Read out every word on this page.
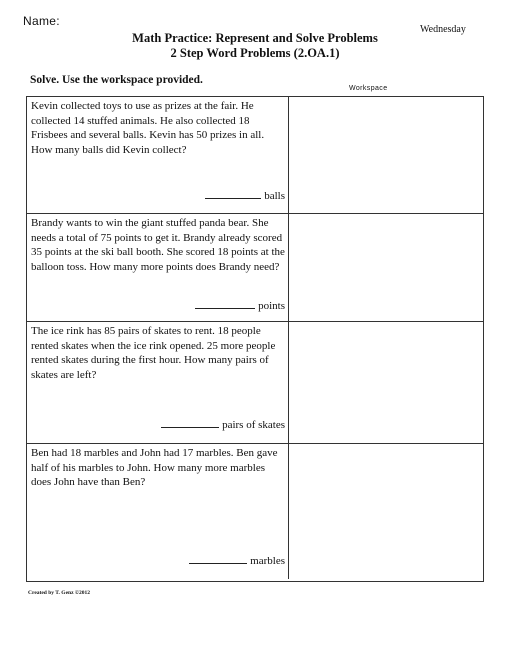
Name:
Wednesday
Math Practice: Represent and Solve Problems
2 Step Word Problems (2.OA.1)
Solve. Use the workspace provided.
Workspace
Kevin collected toys to use as prizes at the fair. He collected 14 stuffed animals. He also collected 18 Frisbees and several balls. Kevin has 50 prizes in all. How many balls did Kevin collect?
balls
Brandy wants to win the giant stuffed panda bear. She needs a total of 75 points to get it. Brandy already scored 35 points at the ski ball booth. She scored 18 points at the balloon toss. How many more points does Brandy need?
points
The ice rink has 85 pairs of skates to rent. 18 people rented skates when the ice rink opened. 25 more people rented skates during the first hour. How many pairs of skates are left?
pairs of skates
Ben had 18 marbles and John had 17 marbles. Ben gave half of his marbles to John. How many more marbles does John have than Ben?
marbles
Created by T. Genz ©2012
